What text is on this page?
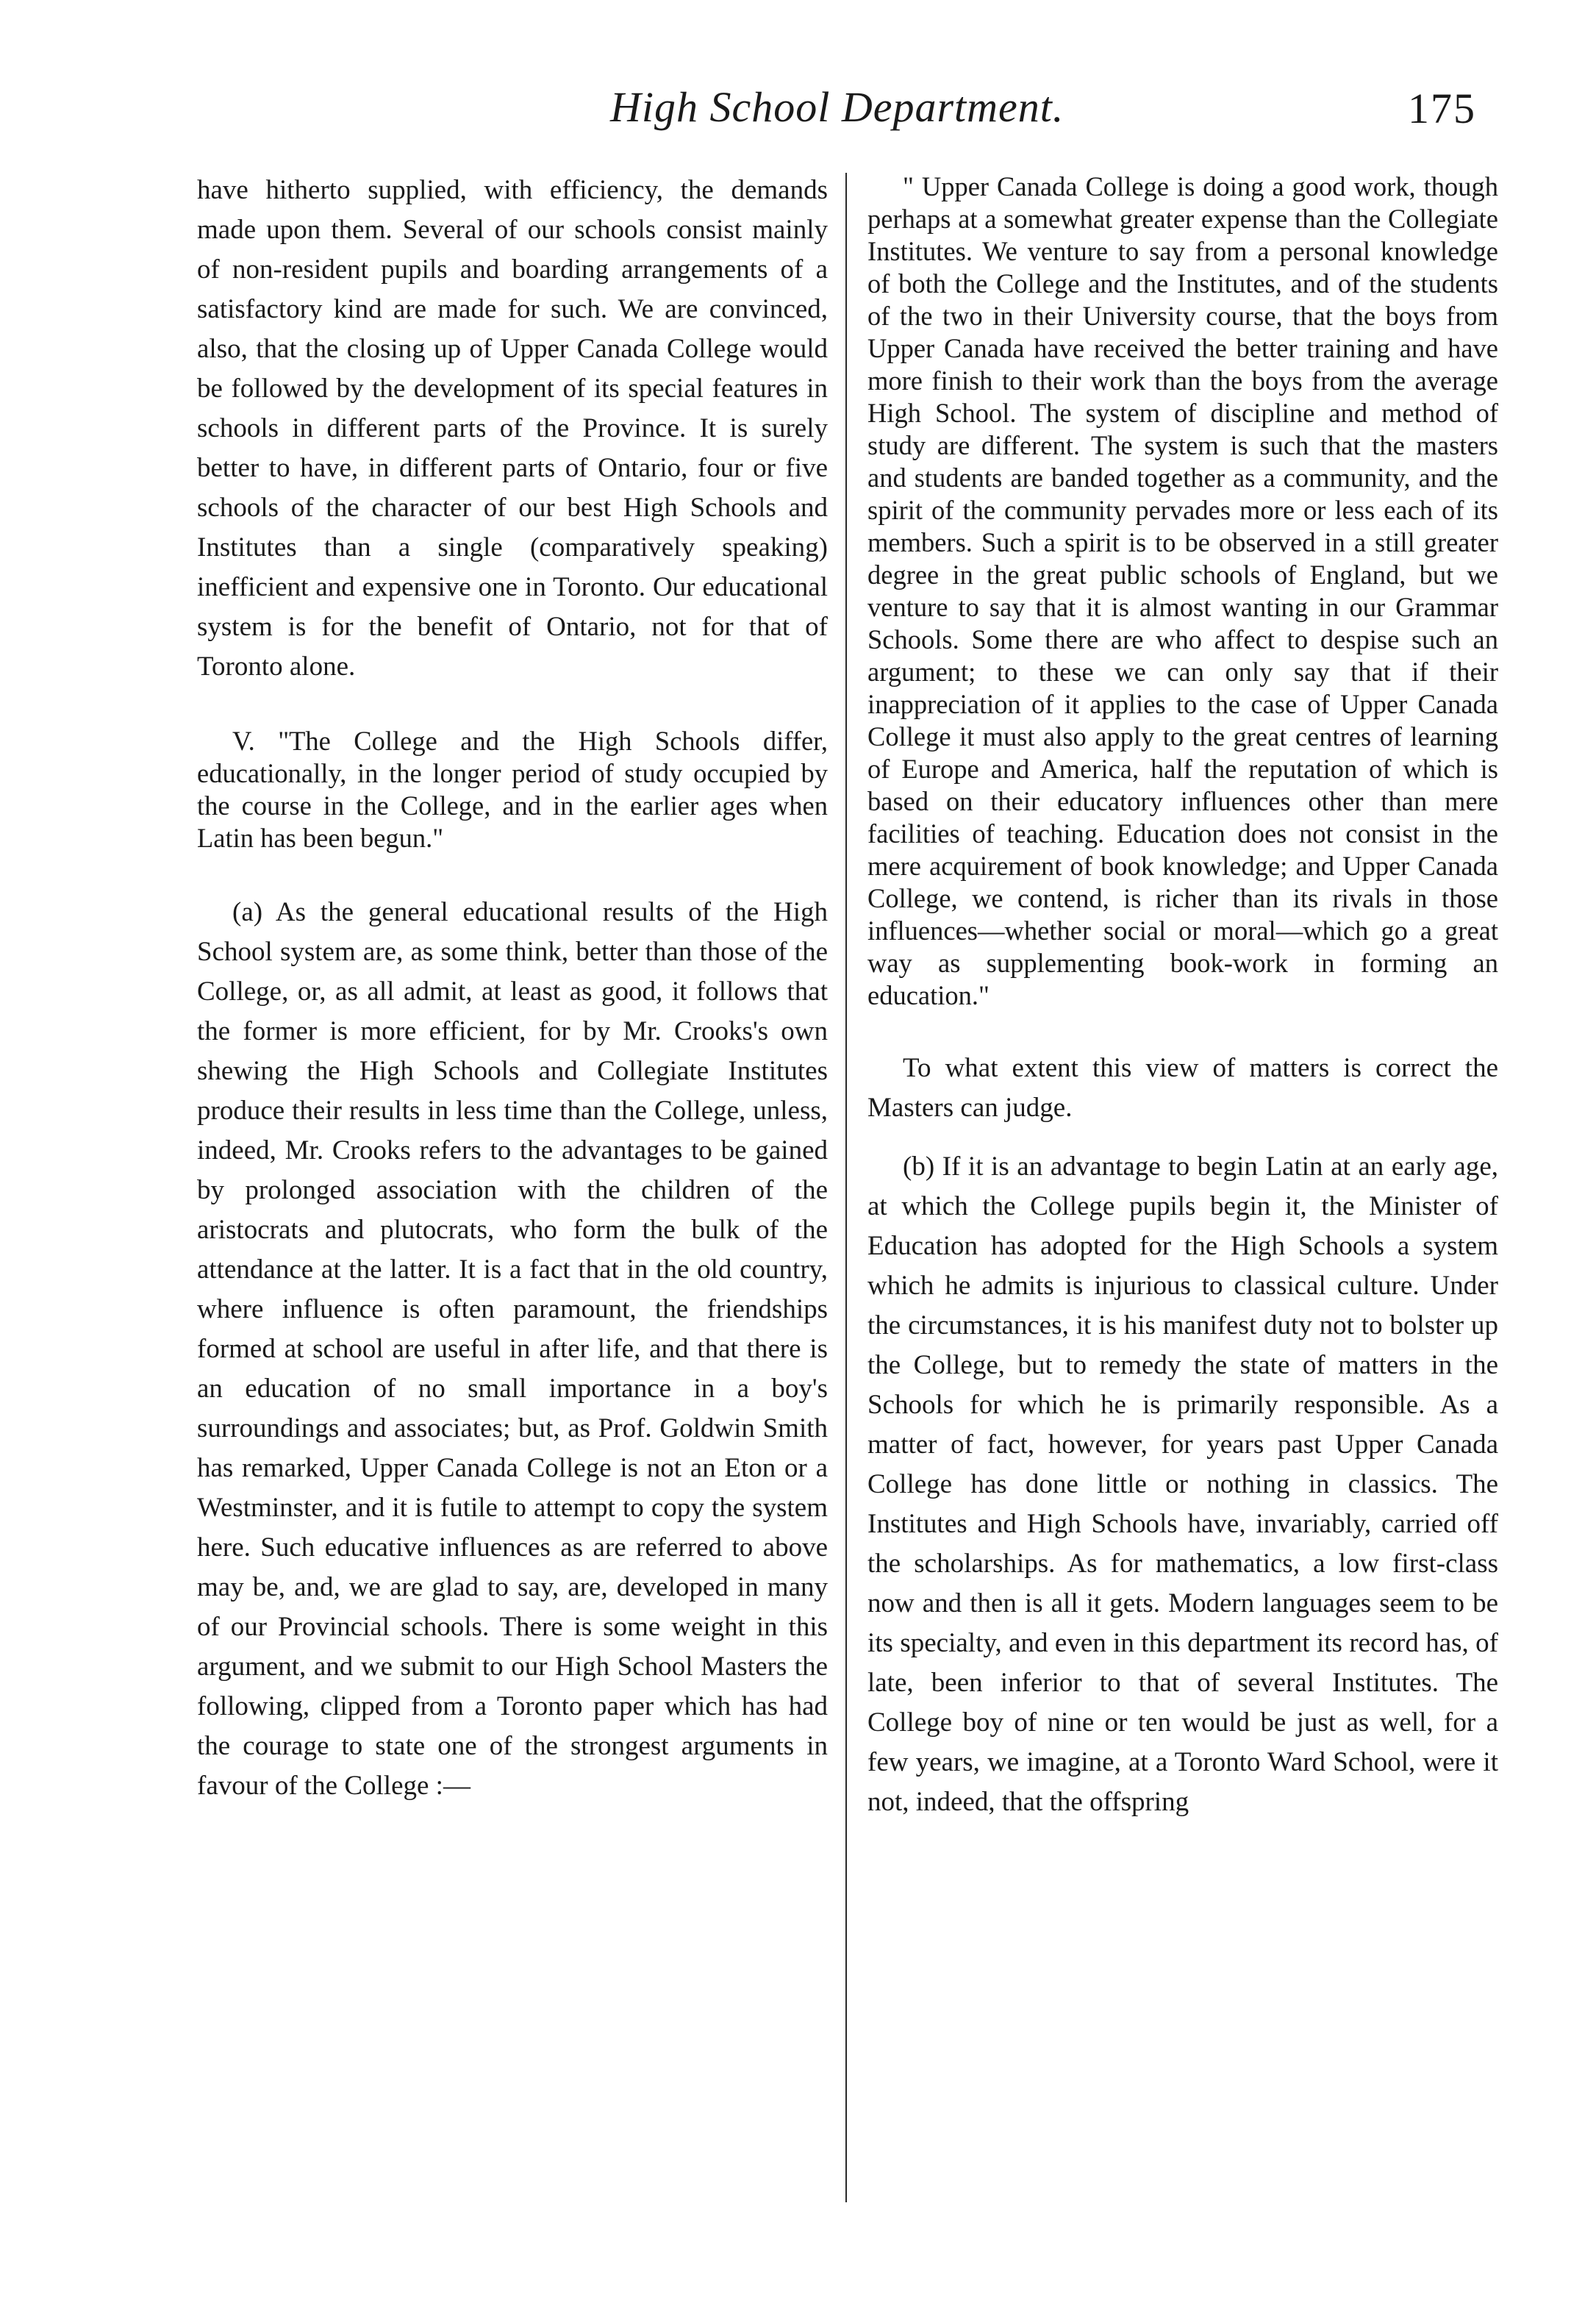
High School Department.	175

have hitherto supplied, with efficiency, the demands made upon them. Several of our schools consist mainly of non-resident pupils and boarding arrangements of a satisfactory kind are made for such. We are convinced, also, that the closing up of Upper Canada College would be followed by the development of its special features in schools in different parts of the Province. It is surely better to have, in different parts of Ontario, four or five schools of the character of our best High Schools and Institutes than a single (comparatively speaking) inefficient and expensive one in Toronto. Our educational system is for the benefit of Ontario, not for that of Toronto alone.

V. "The College and the High Schools differ, educationally, in the longer period of study occupied by the course in the College, and in the earlier ages when Latin has been begun."

(a) As the general educational results of the High School system are, as some think, better than those of the College, or, as all admit, at least as good, it follows that the former is more efficient, for by Mr. Crooks's own shewing the High Schools and Collegiate Institutes produce their results in less time than the College, unless, indeed, Mr. Crooks refers to the advantages to be gained by prolonged association with the children of the aristocrats and plutocrats, who form the bulk of the attendance at the latter. It is a fact that in the old country, where influence is often paramount, the friendships formed at school are useful in after life, and that there is an education of no small importance in a boy's surroundings and associates; but, as Prof. Goldwin Smith has remarked, Upper Canada College is not an Eton or a Westminster, and it is futile to attempt to copy the system here. Such educative influences as are referred to above may be, and, we are glad to say, are, developed in many of our Provincial schools. There is some weight in this argument, and we submit to our High School Masters the following, clipped from a Toronto paper which has had the courage to state one of the strongest arguments in favour of the College :—

" Upper Canada College is doing a good work, though perhaps at a somewhat greater expense than the Collegiate Institutes. We venture to say from a personal knowledge of both the College and the Institutes, and of the students of the two in their University course, that the boys from Upper Canada have received the better training and have more finish to their work than the boys from the average High School. The system of discipline and method of study are different. The system is such that the masters and students are banded together as a community, and the spirit of the community pervades more or less each of its members. Such a spirit is to be observed in a still greater degree in the great public schools of England, but we venture to say that it is almost wanting in our Grammar Schools. Some there are who affect to despise such an argument; to these we can only say that if their inappreciation of it applies to the case of Upper Canada College it must also apply to the great centres of learning of Europe and America, half the reputation of which is based on their educatory influences other than mere facilities of teaching. Education does not consist in the mere acquirement of book knowledge; and Upper Canada College, we contend, is richer than its rivals in those influences—whether social or moral—which go a great way as supplementing book-work in forming an education."

To what extent this view of matters is correct the Masters can judge.

(b) If it is an advantage to begin Latin at an early age, at which the College pupils begin it, the Minister of Education has adopted for the High Schools a system which he admits is injurious to classical culture. Under the circumstances, it is his manifest duty not to bolster up the College, but to remedy the state of matters in the Schools for which he is primarily responsible. As a matter of fact, however, for years past Upper Canada College has done little or nothing in classics. The Institutes and High Schools have, invariably, carried off the scholarships. As for mathematics, a low first-class now and then is all it gets. Modern languages seem to be its specialty, and even in this department its record has, of late, been inferior to that of several Institutes. The College boy of nine or ten would be just as well, for a few years, we imagine, at a Toronto Ward School, were it not, indeed, that the offspring
